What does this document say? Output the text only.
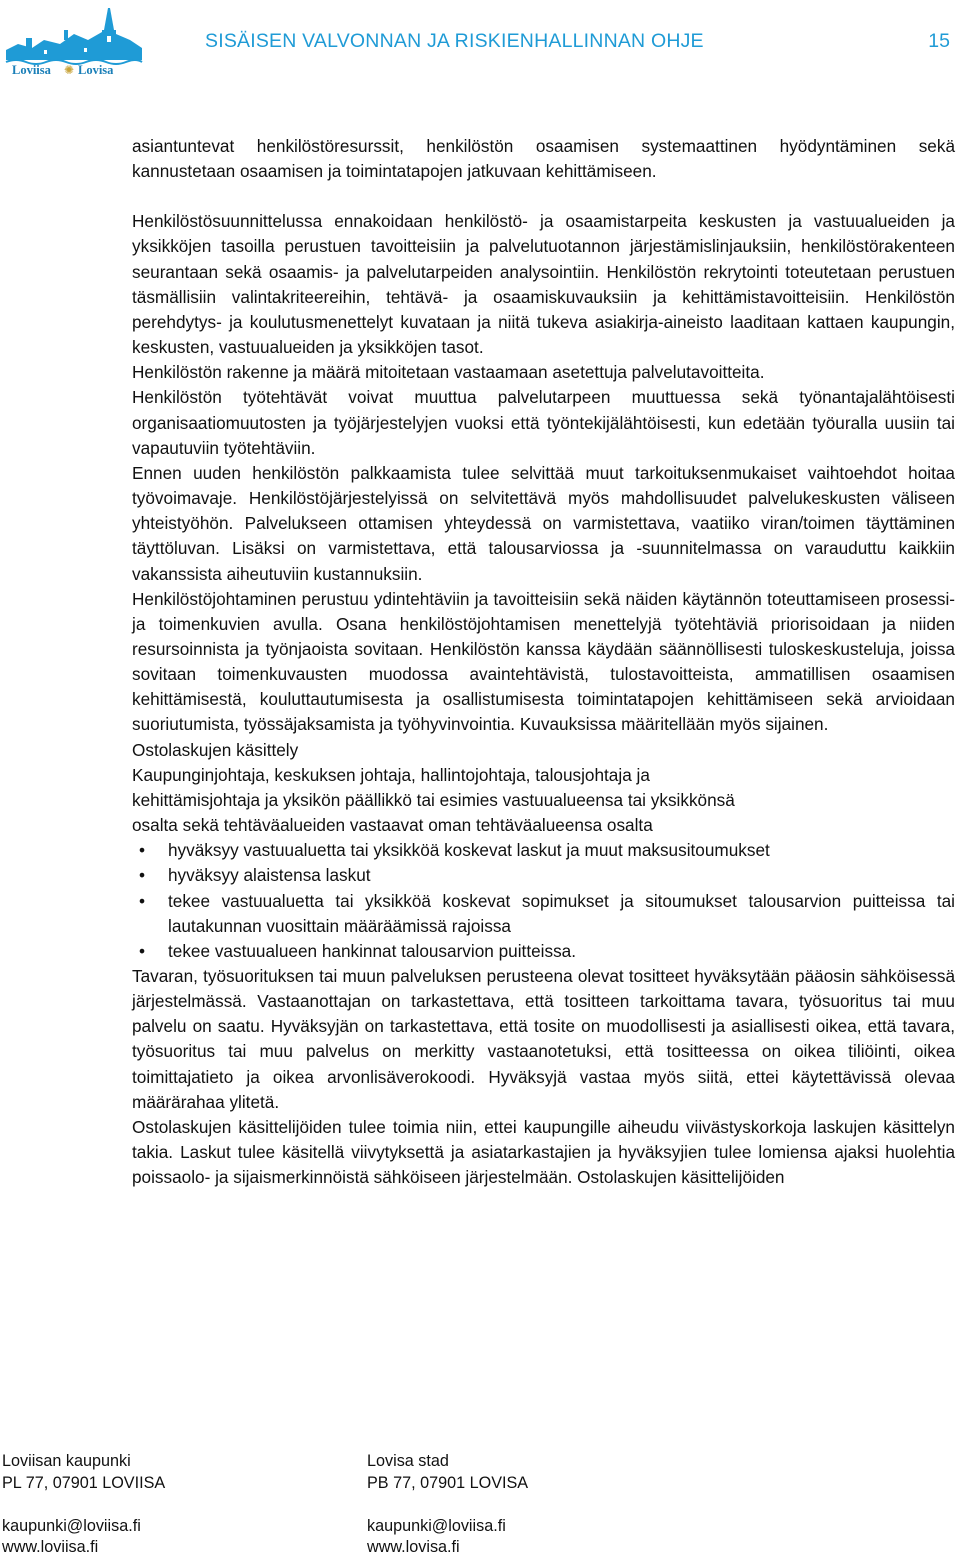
Loviisa ✺ Lovisa
SISÄISEN VALVONNAN JA RISKIENHALLINNAN OHJE	15

asiantuntevat henkilöstöresurssit, henkilöstön osaamisen systemaattinen hyödyntäminen sekä kannustetaan osaamisen ja toimintatapojen jatkuvaan kehittämiseen.

Henkilöstösuunnittelussa ennakoidaan henkilöstö- ja osaamistarpeita keskusten ja vastuualueiden ja yksikköjen tasoilla perustuen tavoitteisiin ja palvelutuotannon järjestämislinjauksiin, henkilöstörakenteen seurantaan sekä osaamis- ja palvelutarpeiden analysointiin. Henkilöstön rekrytointi toteutetaan perustuen täsmällisiin valintakriteereihin, tehtävä- ja osaamiskuvauksiin ja kehittämistavoitteisiin. Henkilöstön perehdytys- ja koulutusmenettelyt kuvataan ja niitä tukeva asiakirja-aineisto laaditaan kattaen kaupungin, keskusten, vastuualueiden ja yksikköjen tasot.

Henkilöstön rakenne ja määrä mitoitetaan vastaamaan asetettuja palvelutavoitteita.

Henkilöstön työtehtävät voivat muuttua palvelutarpeen muuttuessa sekä työnantajalähtöisesti organisaatiomuutosten ja työjärjestelyjen vuoksi että työntekijälähtöisesti, kun edetään työuralla uusiin tai vapautuviin työtehtäviin.

Ennen uuden henkilöstön palkkaamista tulee selvittää muut tarkoituksenmukaiset vaihtoehdot hoitaa työvoimavaje. Henkilöstöjärjestelyissä on selvitettävä myös mahdollisuudet palvelukeskusten väliseen yhteistyöhön. Palvelukseen ottamisen yhteydessä on varmistettava, vaatiiko viran/toimen täyttäminen täyttöluvan. Lisäksi on varmistettava, että talousarviossa ja -suunnitelmassa on varauduttu kaikkiin vakanssista aiheutuviin kustannuksiin.

Henkilöstöjohtaminen perustuu ydintehtäviin ja tavoitteisiin sekä näiden käytännön toteuttamiseen prosessi- ja toimenkuvien avulla. Osana henkilöstöjohtamisen menettelyjä työtehtäviä priorisoidaan ja niiden resursoinnista ja työnjaoista sovitaan. Henkilöstön kanssa käydään säännöllisesti tuloskeskusteluja, joissa sovitaan toimenkuvausten muodossa avaintehtävistä, tulostavoitteista, ammatillisen osaamisen kehittämisestä, kouluttautumisesta ja osallistumisesta toimintatapojen kehittämiseen sekä arvioidaan suoriutumista, työssäjaksamista ja työhyvinvointia. Kuvauksissa määritellään myös sijainen.

Ostolaskujen käsittely

Kaupunginjohtaja, keskuksen johtaja, hallintojohtaja, talousjohtaja ja

kehittämisjohtaja ja yksikön päällikkö tai esimies vastuualueensa tai yksikkönsä

osalta sekä tehtäväalueiden vastaavat oman tehtäväalueensa osalta

•	hyväksyy vastuualuetta tai yksikköä koskevat laskut ja muut maksusitoumukset
•	hyväksyy alaistensa laskut
•	tekee vastuualuetta tai yksikköä koskevat sopimukset ja sitoumukset talousarvion puitteissa tai lautakunnan vuosittain määräämissä rajoissa
•	tekee vastuualueen hankinnat talousarvion puitteissa.

Tavaran, työsuorituksen tai muun palveluksen perusteena olevat tositteet hyväksytään pääosin sähköisessä järjestelmässä. Vastaanottajan on tarkastettava, että tositteen tarkoittama tavara, työsuoritus tai muu palvelu on saatu. Hyväksyjän on tarkastettava, että tosite on muodollisesti ja asiallisesti oikea, että tavara, työsuoritus tai muu palvelus on merkitty vastaanotetuksi, että tositteessa on oikea tiliöinti, oikea toimittajatieto ja oikea arvonlisäverokoodi. Hyväksyjä vastaa myös siitä, ettei käytettävissä olevaa määrärahaa ylitetä.

Ostolaskujen käsittelijöiden tulee toimia niin, ettei kaupungille aiheudu viivästyskorkoja laskujen käsittelyn takia. Laskut tulee käsitellä viivytyksettä ja asiatarkastajien ja hyväksyjien tulee lomiensa ajaksi huolehtia poissaolo- ja sijaismerkinnöistä sähköiseen järjestelmään. Ostolaskujen käsittelijöiden

Loviisan kaupunki
PL 77, 07901 LOVIISA
kaupunki@loviisa.fi
www.loviisa.fi
Lovisa stad
PB 77, 07901 LOVISA
kaupunki@loviisa.fi
www.lovisa.fi
